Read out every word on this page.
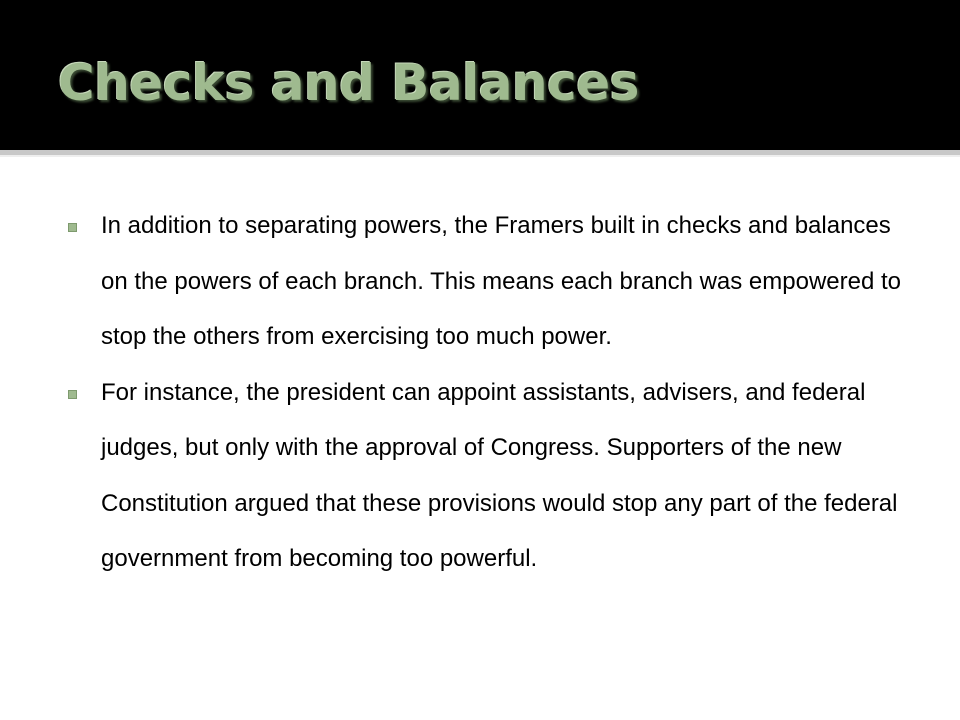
Checks and Balances

In addition to separating powers, the Framers built in checks and balances on the powers of each branch. This means each branch was empowered to stop the others from exercising too much power.

For instance, the president can appoint assistants, advisers, and federal judges, but only with the approval of Congress. Supporters of the new Constitution argued that these provisions would stop any part of the federal government from becoming too powerful.
